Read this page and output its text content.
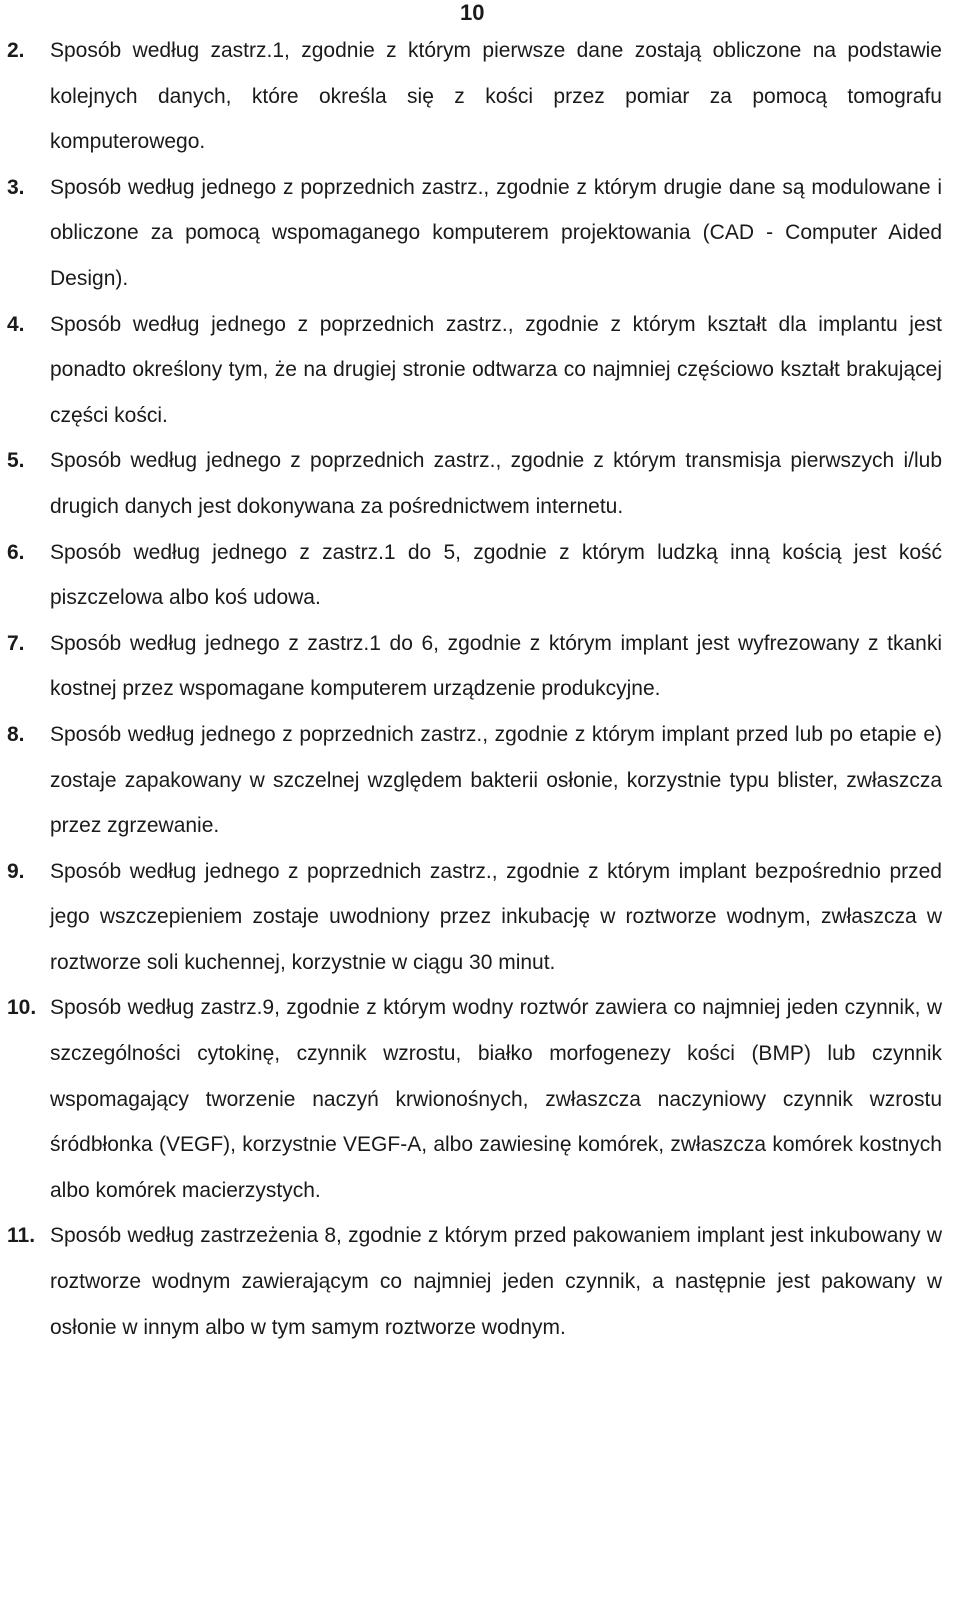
10
2. Sposób według zastrz.1, zgodnie z którym pierwsze dane zostają obliczone na podstawie kolejnych danych, które określa się z kości przez pomiar za pomocą tomografu komputerowego.
3. Sposób według jednego z poprzednich zastrz., zgodnie z którym drugie dane są modulowane i obliczone za pomocą wspomaganego komputerem projektowania (CAD - Computer Aided Design).
4. Sposób według jednego z poprzednich zastrz., zgodnie z którym kształt dla implantu jest ponadto określony tym, że na drugiej stronie odtwarza co najmniej częściowo kształt brakującej części kości.
5. Sposób według jednego z poprzednich zastrz., zgodnie z którym transmisja pierwszych i/lub drugich danych jest dokonywana za pośrednictwem internetu.
6. Sposób według jednego z zastrz.1 do 5, zgodnie z którym ludzką inną kością jest kość piszczelowa albo koś udowa.
7. Sposób według jednego z zastrz.1 do 6, zgodnie z którym implant jest wyfrezowany z tkanki kostnej przez wspomagane komputerem urządzenie produkcyjne.
8. Sposób według jednego z poprzednich zastrz., zgodnie z którym implant przed lub po etapie e) zostaje zapakowany w szczelnej względem bakterii osłonie, korzystnie typu blister, zwłaszcza przez zgrzewanie.
9. Sposób według jednego z poprzednich zastrz., zgodnie z którym implant bezpośrednio przed jego wszczepieniem zostaje uwodniony przez inkubację w roztworze wodnym, zwłaszcza w roztworze soli kuchennej, korzystnie w ciągu 30 minut.
10. Sposób według zastrz.9, zgodnie z którym wodny roztwór zawiera co najmniej jeden czynnik, w szczególności cytokinę, czynnik wzrostu, białko morfogenezy kości (BMP) lub czynnik wspomagający tworzenie naczyń krwionośnych, zwłaszcza naczyniowy czynnik wzrostu śródbłonka (VEGF), korzystnie VEGF-A, albo zawiesinę komórek, zwłaszcza komórek kostnych albo komórek macierzystych.
11. Sposób według zastrzeżenia 8, zgodnie z którym przed pakowaniem implant jest inkubowany w roztworze wodnym zawierającym co najmniej jeden czynnik, a następnie jest pakowany w osłonie w innym albo w tym samym roztworze wodnym.
